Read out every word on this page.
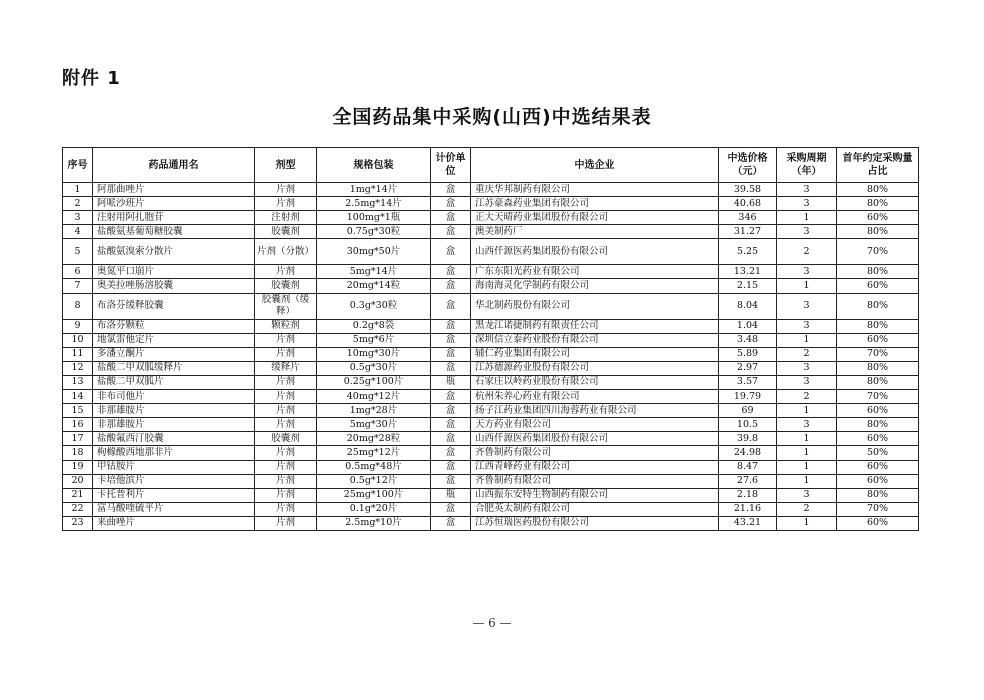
附件 1
全国药品集中采购(山西)中选结果表
序号	药品通用名	剂型	规格包装	计价单位	中选企业	中选价格（元）	采购周期（年）	首年约定采购量占比
1	阿那曲唑片	片剂	1mg*14片	盒	重庆华邦制药有限公司	39.58	3	80%
2	阿哌沙班片	片剂	2.5mg*14片	盒	江苏豪森药业集团有限公司	40.68	3	80%
3	注射用阿扎胞苷	注射剂	100mg*1瓶	盒	正大天晴药业集团股份有限公司	346	1	60%
4	盐酸氨基葡萄糖胶囊	胶囊剂	0.75g*30粒	盒	澳美制药厂	31.27	3	80%
5	盐酸氨溴索分散片	片剂（分散）	30mg*50片	盒	山西仟源医药集团股份有限公司	5.25	2	70%
6	奥氮平口崩片	片剂	5mg*14片	盒	广东东阳光药业有限公司	13.21	3	80%
7	奥美拉唑肠溶胶囊	胶囊剂	20mg*14粒	盒	海南海灵化学制药有限公司	2.15	1	60%
8	布洛芬缓释胶囊	胶囊剂（缓释）	0.3g*30粒	盒	华北制药股份有限公司	8.04	3	80%
9	布洛芬颗粒	颗粒剂	0.2g*8袋	盒	黑龙江诺捷制药有限责任公司	1.04	3	80%
10	地氯雷他定片	片剂	5mg*6片	盒	深圳信立泰药业股份有限公司	3.48	1	60%
11	多潘立酮片	片剂	10mg*30片	盒	辅仁药业集团有限公司	5.89	2	70%
12	盐酸二甲双胍缓释片	缓释片	0.5g*30片	盒	江苏德源药业股份有限公司	2.97	3	80%
13	盐酸二甲双胍片	片剂	0.25g*100片	瓶	石家庄以岭药业股份有限公司	3.57	3	80%
14	非布司他片	片剂	40mg*12片	盒	杭州朱养心药业有限公司	19.79	2	70%
15	非那雄胺片	片剂	1mg*28片	盒	扬子江药业集团四川海蓉药业有限公司	69	1	60%
16	非那雄胺片	片剂	5mg*30片	盒	天方药业有限公司	10.5	3	80%
17	盐酸氟西汀胶囊	胶囊剂	20mg*28粒	盒	山西仟源医药集团股份有限公司	39.8	1	60%
18	枸橼酸西地那非片	片剂	25mg*12片	盒	齐鲁制药有限公司	24.98	1	50%
19	甲钴胺片	片剂	0.5mg*48片	盒	江西青峰药业有限公司	8.47	1	60%
20	卡培他滨片	片剂	0.5g*12片	盒	齐鲁制药有限公司	27.6	1	60%
21	卡托普利片	片剂	25mg*100片	瓶	山西振东安特生物制药有限公司	2.18	3	80%
22	富马酸喹硫平片	片剂	0.1g*20片	盒	合肥英太制药有限公司	21.16	2	70%
23	来曲唑片	片剂	2.5mg*10片	盒	江苏恒瑞医药股份有限公司	43.21	1	60%
— 6 —
